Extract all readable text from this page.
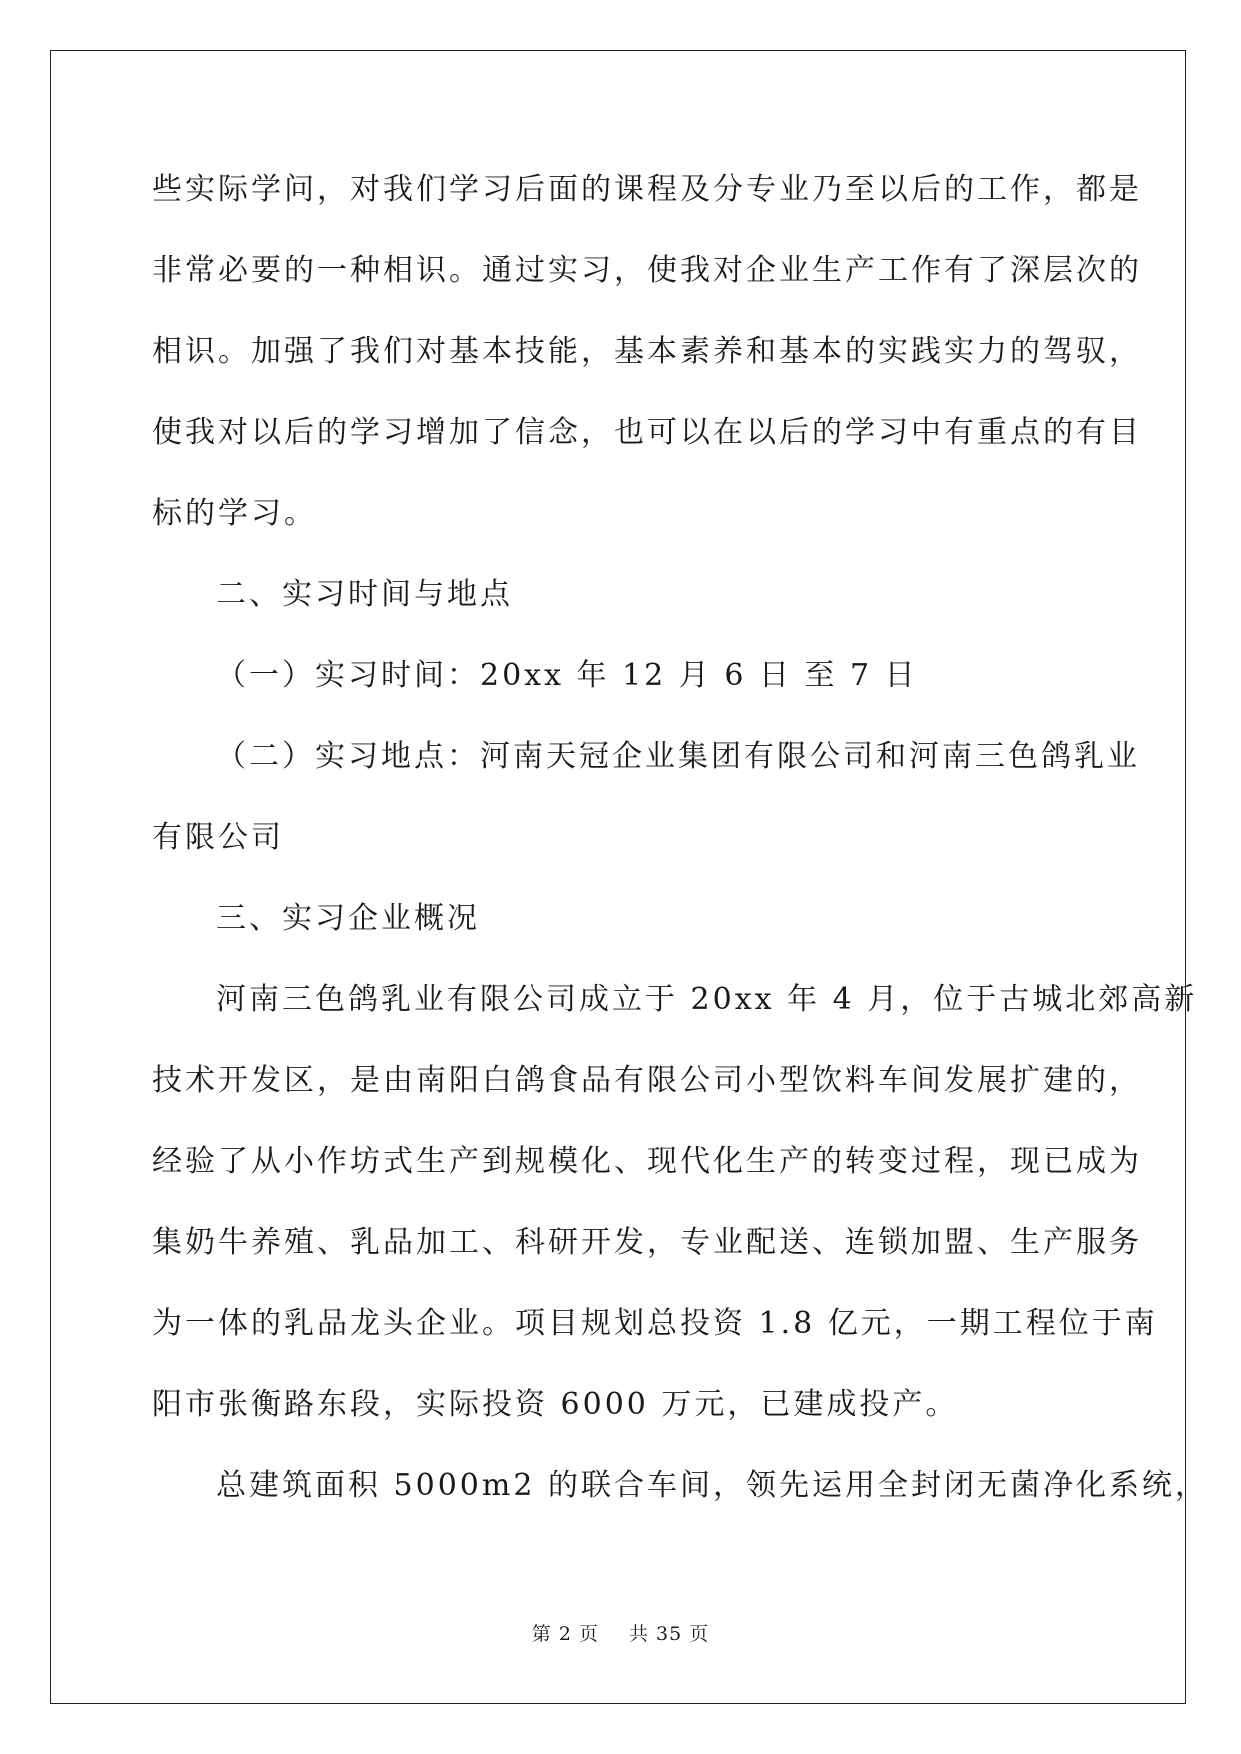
些实际学问，对我们学习后面的课程及分专业乃至以后的工作，都是
非常必要的一种相识。通过实习，使我对企业生产工作有了深层次的
相识。加强了我们对基本技能，基本素养和基本的实践实力的驾驭，
使我对以后的学习增加了信念，也可以在以后的学习中有重点的有目
标的学习。
二、实习时间与地点
（一）实习时间：20xx 年 12 月 6 日 至 7 日
（二）实习地点：河南天冠企业集团有限公司和河南三色鸽乳业
有限公司
三、实习企业概况
河南三色鸽乳业有限公司成立于 20xx 年 4 月，位于古城北郊高新
技术开发区，是由南阳白鸽食品有限公司小型饮料车间发展扩建的，
经验了从小作坊式生产到规模化、现代化生产的转变过程，现已成为
集奶牛养殖、乳品加工、科研开发，专业配送、连锁加盟、生产服务
为一体的乳品龙头企业。项目规划总投资 1.8 亿元，一期工程位于南
阳市张衡路东段，实际投资 6000 万元，已建成投产。
总建筑面积 5000m2 的联合车间，领先运用全封闭无菌净化系统，
第 2 页 共 35 页
